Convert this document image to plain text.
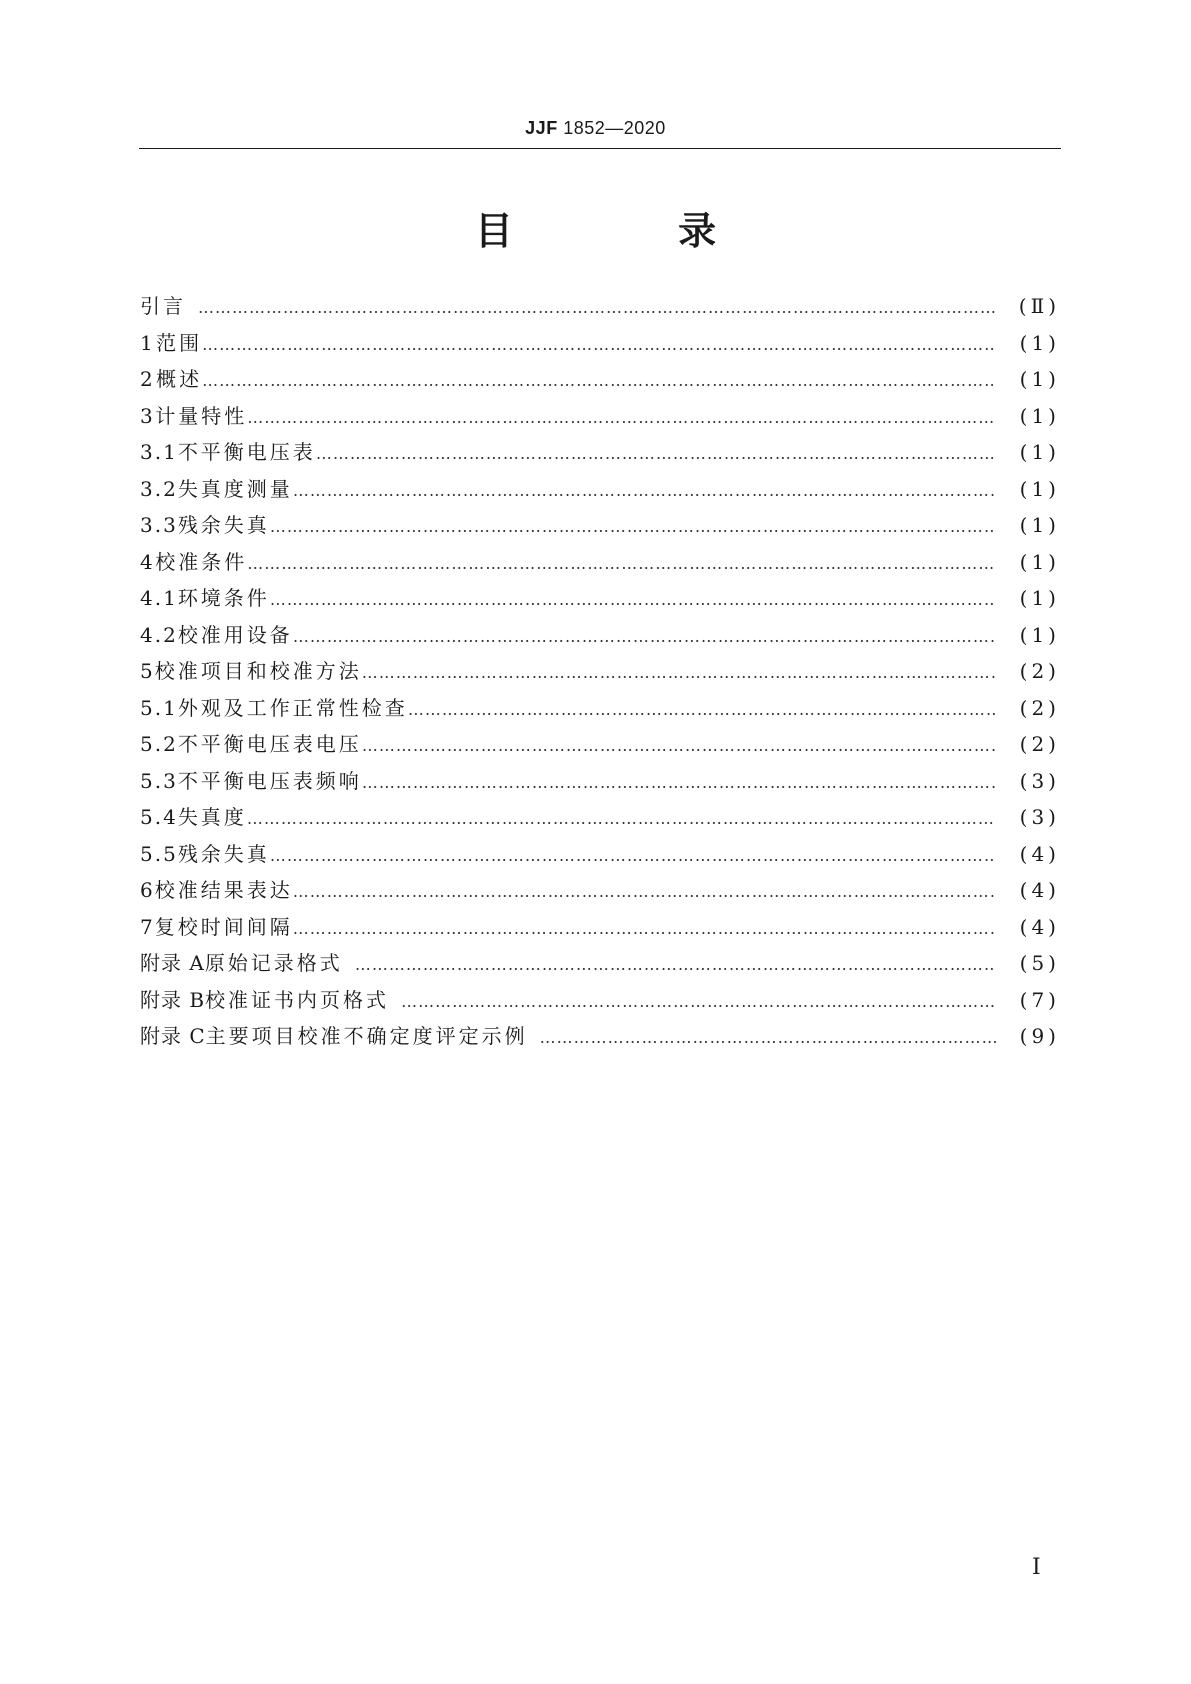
JJF 1852—2020
目 录
引言 ……………………………………………………………………………………………………………………………………………………………………………………………………………………………………………………………………………………	(Ⅱ)
1 范围 ……………………………………………………………………………………………………………………………………………………………………………………………………………………………………………………………………………………	(1)
2 概述 ……………………………………………………………………………………………………………………………………………………………………………………………………………………………………………………………………………………	(1)
3 计量特性 ……………………………………………………………………………………………………………………………………………………………………………………………………………………………………………………………………………………	(1)
3.1 不平衡电压表 ……………………………………………………………………………………………………………………………………………………………………………………………………………………………………………………………………………………	(1)
3.2 失真度测量 ……………………………………………………………………………………………………………………………………………………………………………………………………………………………………………………………………………………	(1)
3.3 残余失真 ……………………………………………………………………………………………………………………………………………………………………………………………………………………………………………………………………………………	(1)
4 校准条件 ……………………………………………………………………………………………………………………………………………………………………………………………………………………………………………………………………………………	(1)
4.1 环境条件 ……………………………………………………………………………………………………………………………………………………………………………………………………………………………………………………………………………………	(1)
4.2 校准用设备 ……………………………………………………………………………………………………………………………………………………………………………………………………………………………………………………………………………………	(1)
5 校准项目和校准方法 ……………………………………………………………………………………………………………………………………………………………………………………………………………………………………………………………………………………	(2)
5.1 外观及工作正常性检查 ……………………………………………………………………………………………………………………………………………………………………………………………………………………………………………………………………………………	(2)
5.2 不平衡电压表电压 ……………………………………………………………………………………………………………………………………………………………………………………………………………………………………………………………………………………	(2)
5.3 不平衡电压表频响 ……………………………………………………………………………………………………………………………………………………………………………………………………………………………………………………………………………………	(3)
5.4 失真度 ……………………………………………………………………………………………………………………………………………………………………………………………………………………………………………………………………………………	(3)
5.5 残余失真 ……………………………………………………………………………………………………………………………………………………………………………………………………………………………………………………………………………………	(4)
6 校准结果表达 ……………………………………………………………………………………………………………………………………………………………………………………………………………………………………………………………………………………	(4)
7 复校时间间隔 ……………………………………………………………………………………………………………………………………………………………………………………………………………………………………………………………………………………	(4)
附录 A 原始记录格式 ……………………………………………………………………………………………………………………………………………………………………………………………………………………………………………………………………………………	(5)
附录 B 校准证书内页格式 ……………………………………………………………………………………………………………………………………………………………………………………………………………………………………………………………………………………	(7)
附录 C 主要项目校准不确定度评定示例 ……………………………………………………………………………………………………………………………………………………………………………………………………………………………………………………………………………………	(9)
Ⅰ
